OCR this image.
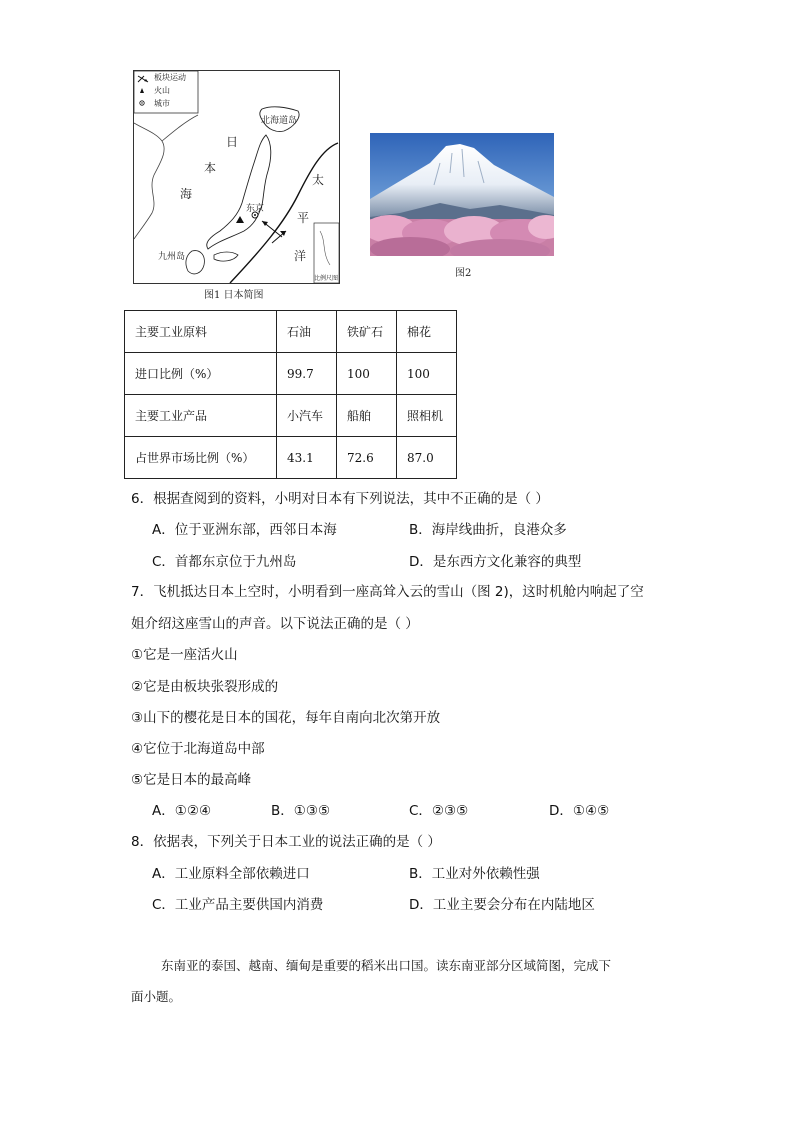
板块运动
火山
城市
北海道岛
日
本
海
太
平
洋
东京
九州岛
比例尺图
图1 日本简图
图2
主要工业原料	石油	铁矿石	棉花
进口比例（%）	99.7	100	100
主要工业产品	小汽车	船舶	照相机
占世界市场比例（%）	43.1	72.6	87.0
6．根据查阅到的资料，小明对日本有下列说法，其中不正确的是（ ）
A．位于亚洲东部，西邻日本海	B．海岸线曲折，良港众多
C．首都东京位于九州岛	D．是东西方文化兼容的典型
7．飞机抵达日本上空时，小明看到一座高耸入云的雪山（图 2)，这时机舱内响起了空
姐介绍这座雪山的声音。以下说法正确的是（ ）
①它是一座活火山
②它是由板块张裂形成的
③山下的樱花是日本的国花，每年自南向北次第开放
④它位于北海道岛中部
⑤它是日本的最高峰
A．①②④	B．①③⑤	C．②③⑤	D．①④⑤
8．依据表，下列关于日本工业的说法正确的是（ ）
A．工业原料全部依赖进口	B．工业对外依赖性强
C．工业产品主要供国内消费	D．工业主要会分布在内陆地区
东南亚的泰国、越南、缅甸是重要的稻米出口国。读东南亚部分区域简图，完成下
面小题。
